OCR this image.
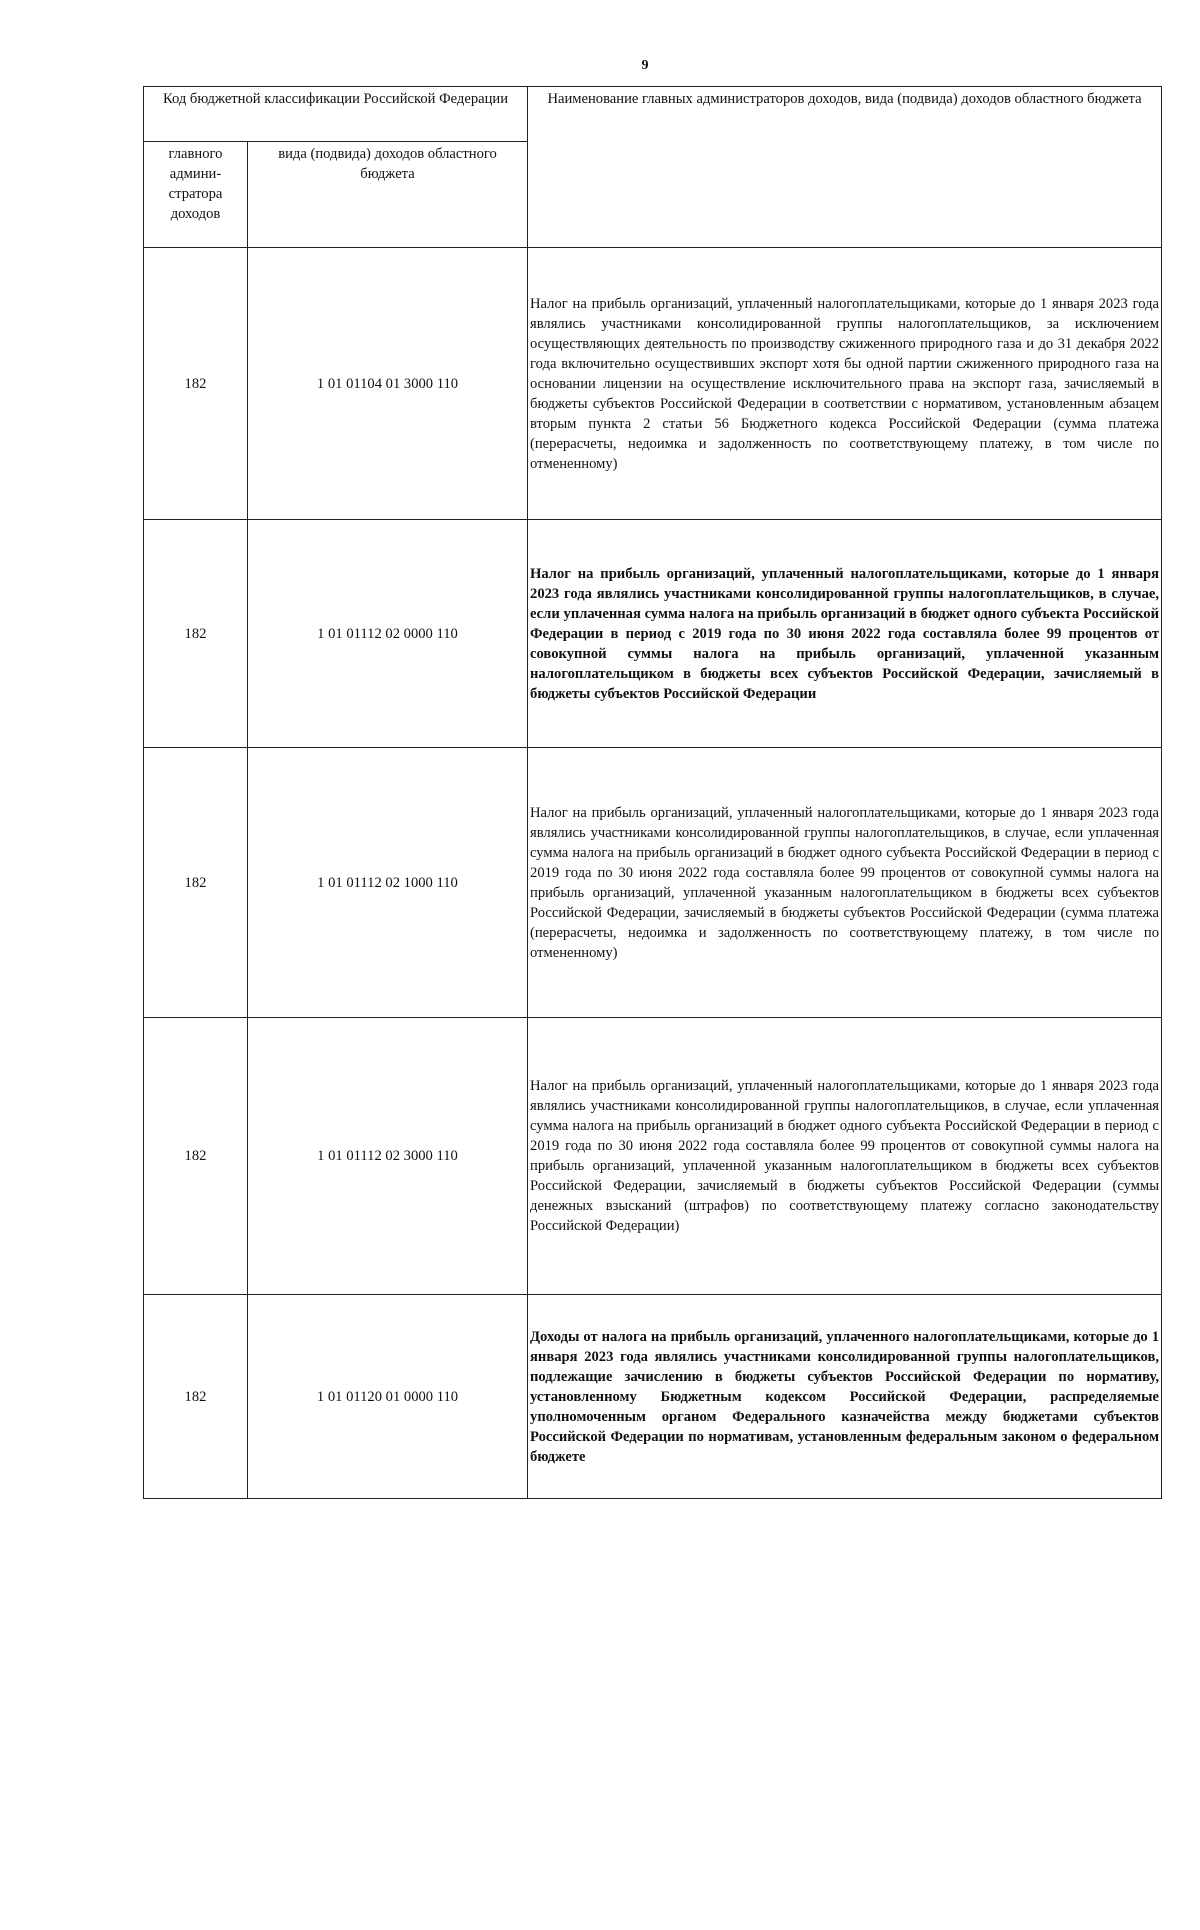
9
Код бюджетной классификации Российской Федерации		Наименование главных администраторов доходов, вида (подвида) доходов областного бюджета
главного админи-стратора доходов	вида (подвида) доходов областного бюджета	
182	1 01 01104 01 3000 110	Налог на прибыль организаций, уплаченный налогоплательщиками, которые до 1 января 2023 года являлись участниками консолидированной группы налогоплательщиков, за исключением осуществляющих деятельность по производству сжиженного природного газа и до 31 декабря 2022 года включительно осуществивших экспорт хотя бы одной партии сжиженного природного газа на основании лицензии на осуществление исключительного права на экспорт газа, зачисляемый в бюджеты субъектов Российской Федерации в соответствии с нормативом, установленным абзацем вторым пункта 2 статьи 56 Бюджетного кодекса Российской Федерации (сумма платежа (перерасчеты, недоимка и задолженность по соответствующему платежу, в том числе по отмененному)
182	1 01 01112 02 0000 110	Налог на прибыль организаций, уплаченный налогоплательщиками, которые до 1 января 2023 года являлись участниками консолидированной группы налогоплательщиков, в случае, если уплаченная сумма налога на прибыль организаций в бюджет одного субъекта Российской Федерации в период с 2019 года по 30 июня 2022 года составляла более 99 процентов от совокупной суммы налога на прибыль организаций, уплаченной указанным налогоплательщиком в бюджеты всех субъектов Российской Федерации, зачисляемый в бюджеты субъектов Российской Федерации
182	1 01 01112 02 1000 110	Налог на прибыль организаций, уплаченный налогоплательщиками, которые до 1 января 2023 года являлись участниками консолидированной группы налогоплательщиков, в случае, если уплаченная сумма налога на прибыль организаций в бюджет одного субъекта Российской Федерации в период с 2019 года по 30 июня 2022 года составляла более 99 процентов от совокупной суммы налога на прибыль организаций, уплаченной указанным налогоплательщиком в бюджеты всех субъектов Российской Федерации, зачисляемый в бюджеты субъектов Российской Федерации (сумма платежа (перерасчеты, недоимка и задолженность по соответствующему платежу, в том числе по отмененному)
182	1 01 01112 02 3000 110	Налог на прибыль организаций, уплаченный налогоплательщиками, которые до 1 января 2023 года являлись участниками консолидированной группы налогоплательщиков, в случае, если уплаченная сумма налога на прибыль организаций в бюджет одного субъекта Российской Федерации в период с 2019 года по 30 июня 2022 года составляла более 99 процентов от совокупной суммы налога на прибыль организаций, уплаченной указанным налогоплательщиком в бюджеты всех субъектов Российской Федерации, зачисляемый в бюджеты субъектов Российской Федерации (суммы денежных взысканий (штрафов) по соответствующему платежу согласно законодательству Российской Федерации)
182	1 01 01120 01 0000 110	Доходы от налога на прибыль организаций, уплаченного налогоплательщиками, которые до 1 января 2023 года являлись участниками консолидированной группы налогоплательщиков, подлежащие зачислению в бюджеты субъектов Российской Федерации по нормативу, установленному Бюджетным кодексом Российской Федерации, распределяемые уполномоченным органом Федерального казначейства между бюджетами субъектов Российской Федерации по нормативам, установленным федеральным законом о федеральном бюджете
